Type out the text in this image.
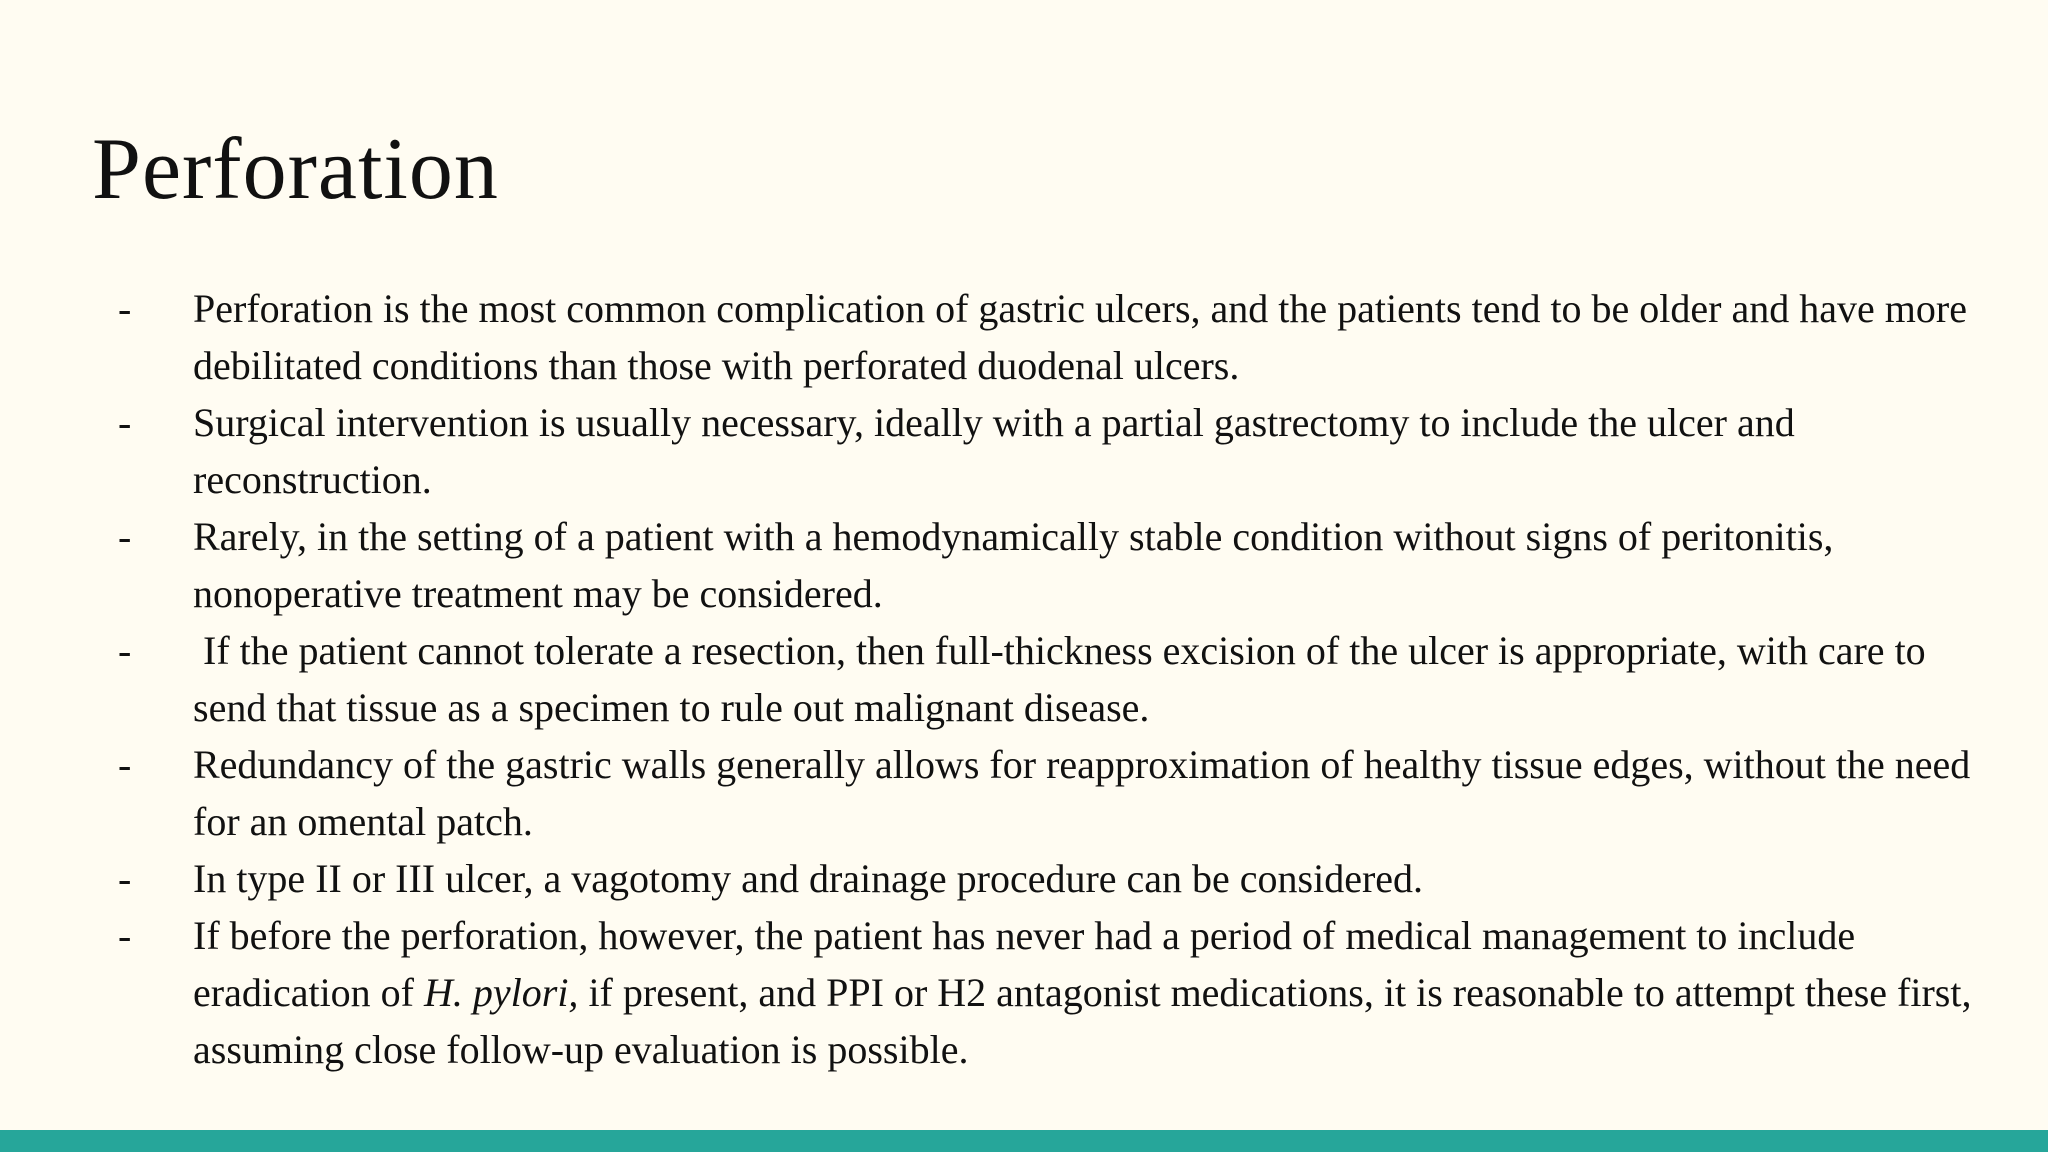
Perforation
-	Perforation is the most common complication of gastric ulcers, and the patients tend to be older and have more debilitated conditions than those with perforated duodenal ulcers.
-	Surgical intervention is usually necessary, ideally with a partial gastrectomy to include the ulcer and reconstruction.
-	Rarely, in the setting of a patient with a hemodynamically stable condition without signs of peritonitis, nonoperative treatment may be considered.
-	If the patient cannot tolerate a resection, then full-thickness excision of the ulcer is appropriate, with care to send that tissue as a specimen to rule out malignant disease.
-	Redundancy of the gastric walls generally allows for reapproximation of healthy tissue edges, without the need for an omental patch.
-	In type II or III ulcer, a vagotomy and drainage procedure can be considered.
-	If before the perforation, however, the patient has never had a period of medical management to include eradication of H. pylori, if present, and PPI or H2 antagonist medications, it is reasonable to attempt these first, assuming close follow-up evaluation is possible.
